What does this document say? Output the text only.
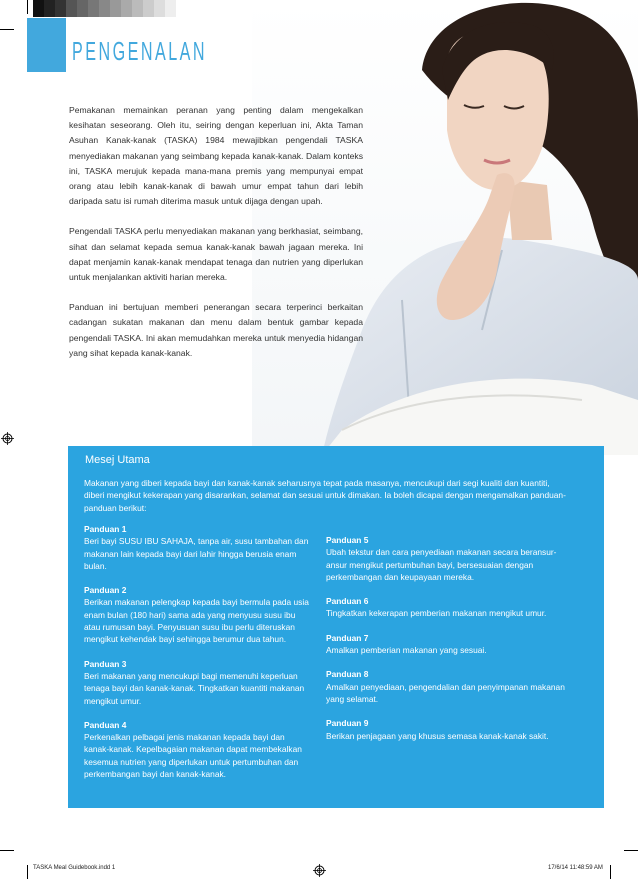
PENGENALAN

Pemakanan memainkan peranan yang penting dalam mengekalkan kesihatan seseorang. Oleh itu, seiring dengan keperluan ini, Akta Taman Asuhan Kanak-kanak (TASKA) 1984 mewajibkan pengendali TASKA menyediakan makanan yang seimbang kepada kanak-kanak. Dalam konteks ini, TASKA merujuk kepada mana-mana premis yang mempunyai empat orang atau lebih kanak-kanak di bawah umur empat tahun dari lebih daripada satu isi rumah diterima masuk untuk dijaga dengan upah.

Pengendali TASKA perlu menyediakan makanan yang berkhasiat, seimbang, sihat dan selamat kepada semua kanak-kanak bawah jagaan mereka. Ini dapat menjamin kanak-kanak mendapat tenaga dan nutrien yang diperlukan untuk menjalankan aktiviti harian mereka.

Panduan ini bertujuan memberi penerangan secara terperinci berkaitan cadangan sukatan makanan dan menu dalam bentuk gambar kepada pengendali TASKA. Ini akan memudahkan mereka untuk menyedia hidangan yang sihat kepada kanak-kanak.

Mesej Utama
Makanan yang diberi kepada bayi dan kanak-kanak seharusnya tepat pada masanya, mencukupi dari segi kualiti dan kuantiti, diberi mengikut kekerapan yang disarankan, selamat dan sesuai untuk dimakan. Ia boleh dicapai dengan mengamalkan panduan-panduan berikut:
Panduan 1
Beri bayi SUSU IBU SAHAJA, tanpa air, susu tambahan dan makanan lain kepada bayi dari lahir hingga berusia enam bulan.
Panduan 2
Berikan makanan pelengkap kepada bayi bermula pada usia enam bulan (180 hari) sama ada yang menyusu susu ibu atau rumusan bayi. Penyusuan susu ibu perlu diteruskan mengikut kehendak bayi sehingga berumur dua tahun.
Panduan 3
Beri makanan yang mencukupi bagi memenuhi keperluan tenaga bayi dan kanak-kanak. Tingkatkan kuantiti makanan mengikut umur.
Panduan 4
Perkenalkan pelbagai jenis makanan kepada bayi dan kanak-kanak. Kepelbagaian makanan dapat membekalkan kesemua nutrien yang diperlukan untuk pertumbuhan dan perkembangan bayi dan kanak-kanak.
Panduan 5
Ubah tekstur dan cara penyediaan makanan secara beransur-ansur mengikut pertumbuhan bayi, bersesuaian dengan perkembangan dan keupayaan mereka.
Panduan 6
Tingkatkan kekerapan pemberian makanan mengikut umur.
Panduan 7
Amalkan pemberian makanan yang sesuai.
Panduan 8
Amalkan penyediaan, pengendalian dan penyimpanan makanan yang selamat.
Panduan 9
Berikan penjagaan yang khusus semasa kanak-kanak sakit.
TASKA Meal Guidebook.indd 1	17/6/14 11:48:59 AM
